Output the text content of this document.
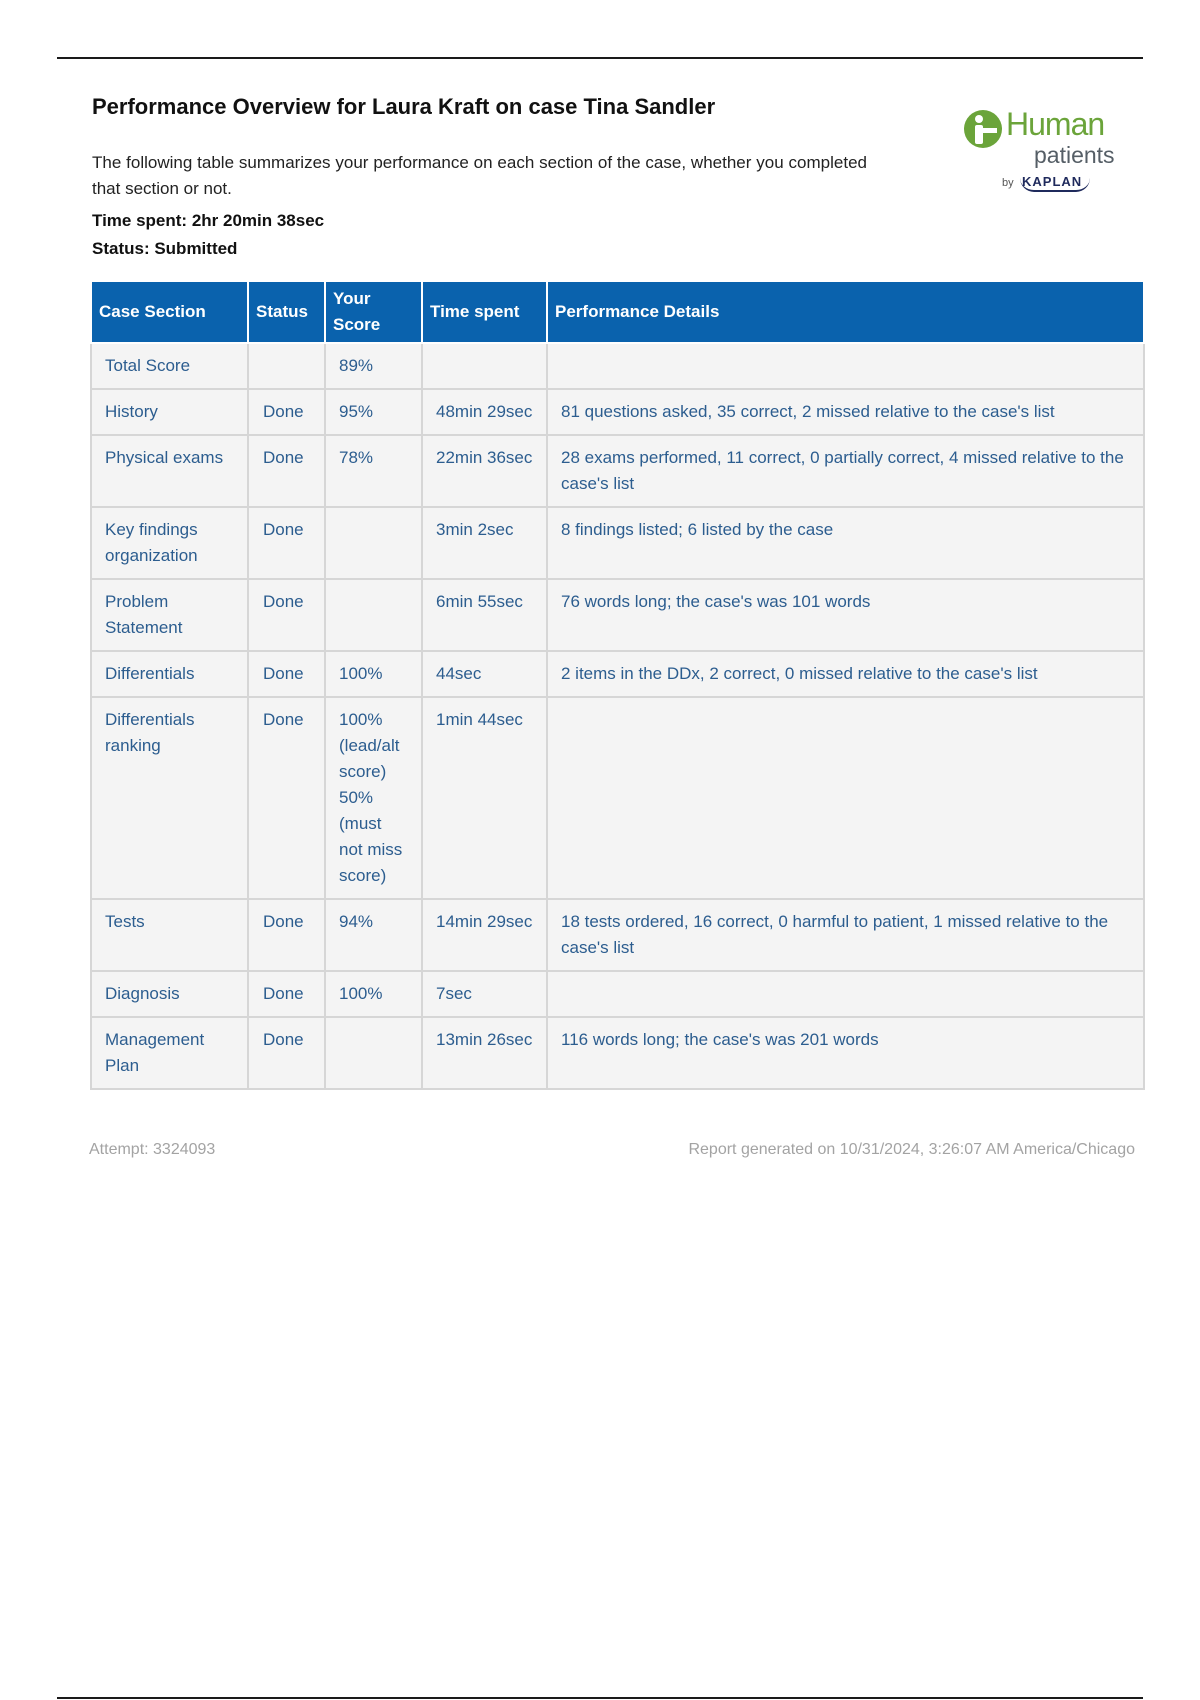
Performance Overview for Laura Kraft on case Tina Sandler
The following table summarizes your performance on each section of the case, whether you completed that section or not.
Time spent: 2hr 20min 38sec
Status: Submitted
Human
patients
by KAPLAN
Case Section	Status	Your Score	Time spent	Performance Details
Total Score		89%		
History	Done	95%	48min 29sec	81 questions asked, 35 correct, 2 missed relative to the case's list
Physical exams	Done	78%	22min 36sec	28 exams performed, 11 correct, 0 partially correct, 4 missed relative to the case's list
Key findings organization	Done		3min 2sec	8 findings listed; 6 listed by the case
Problem Statement	Done		6min 55sec	76 words long; the case's was 101 words
Differentials	Done	100%	44sec	2 items in the DDx, 2 correct, 0 missed relative to the case's list
Differentials ranking	Done	100% (lead/alt score) 50% (must not miss score)	1min 44sec	
Tests	Done	94%	14min 29sec	18 tests ordered, 16 correct, 0 harmful to patient, 1 missed relative to the case's list
Diagnosis	Done	100%	7sec	
Management Plan	Done		13min 26sec	116 words long; the case's was 201 words
Attempt: 3324093	Report generated on 10/31/2024, 3:26:07 AM America/Chicago
